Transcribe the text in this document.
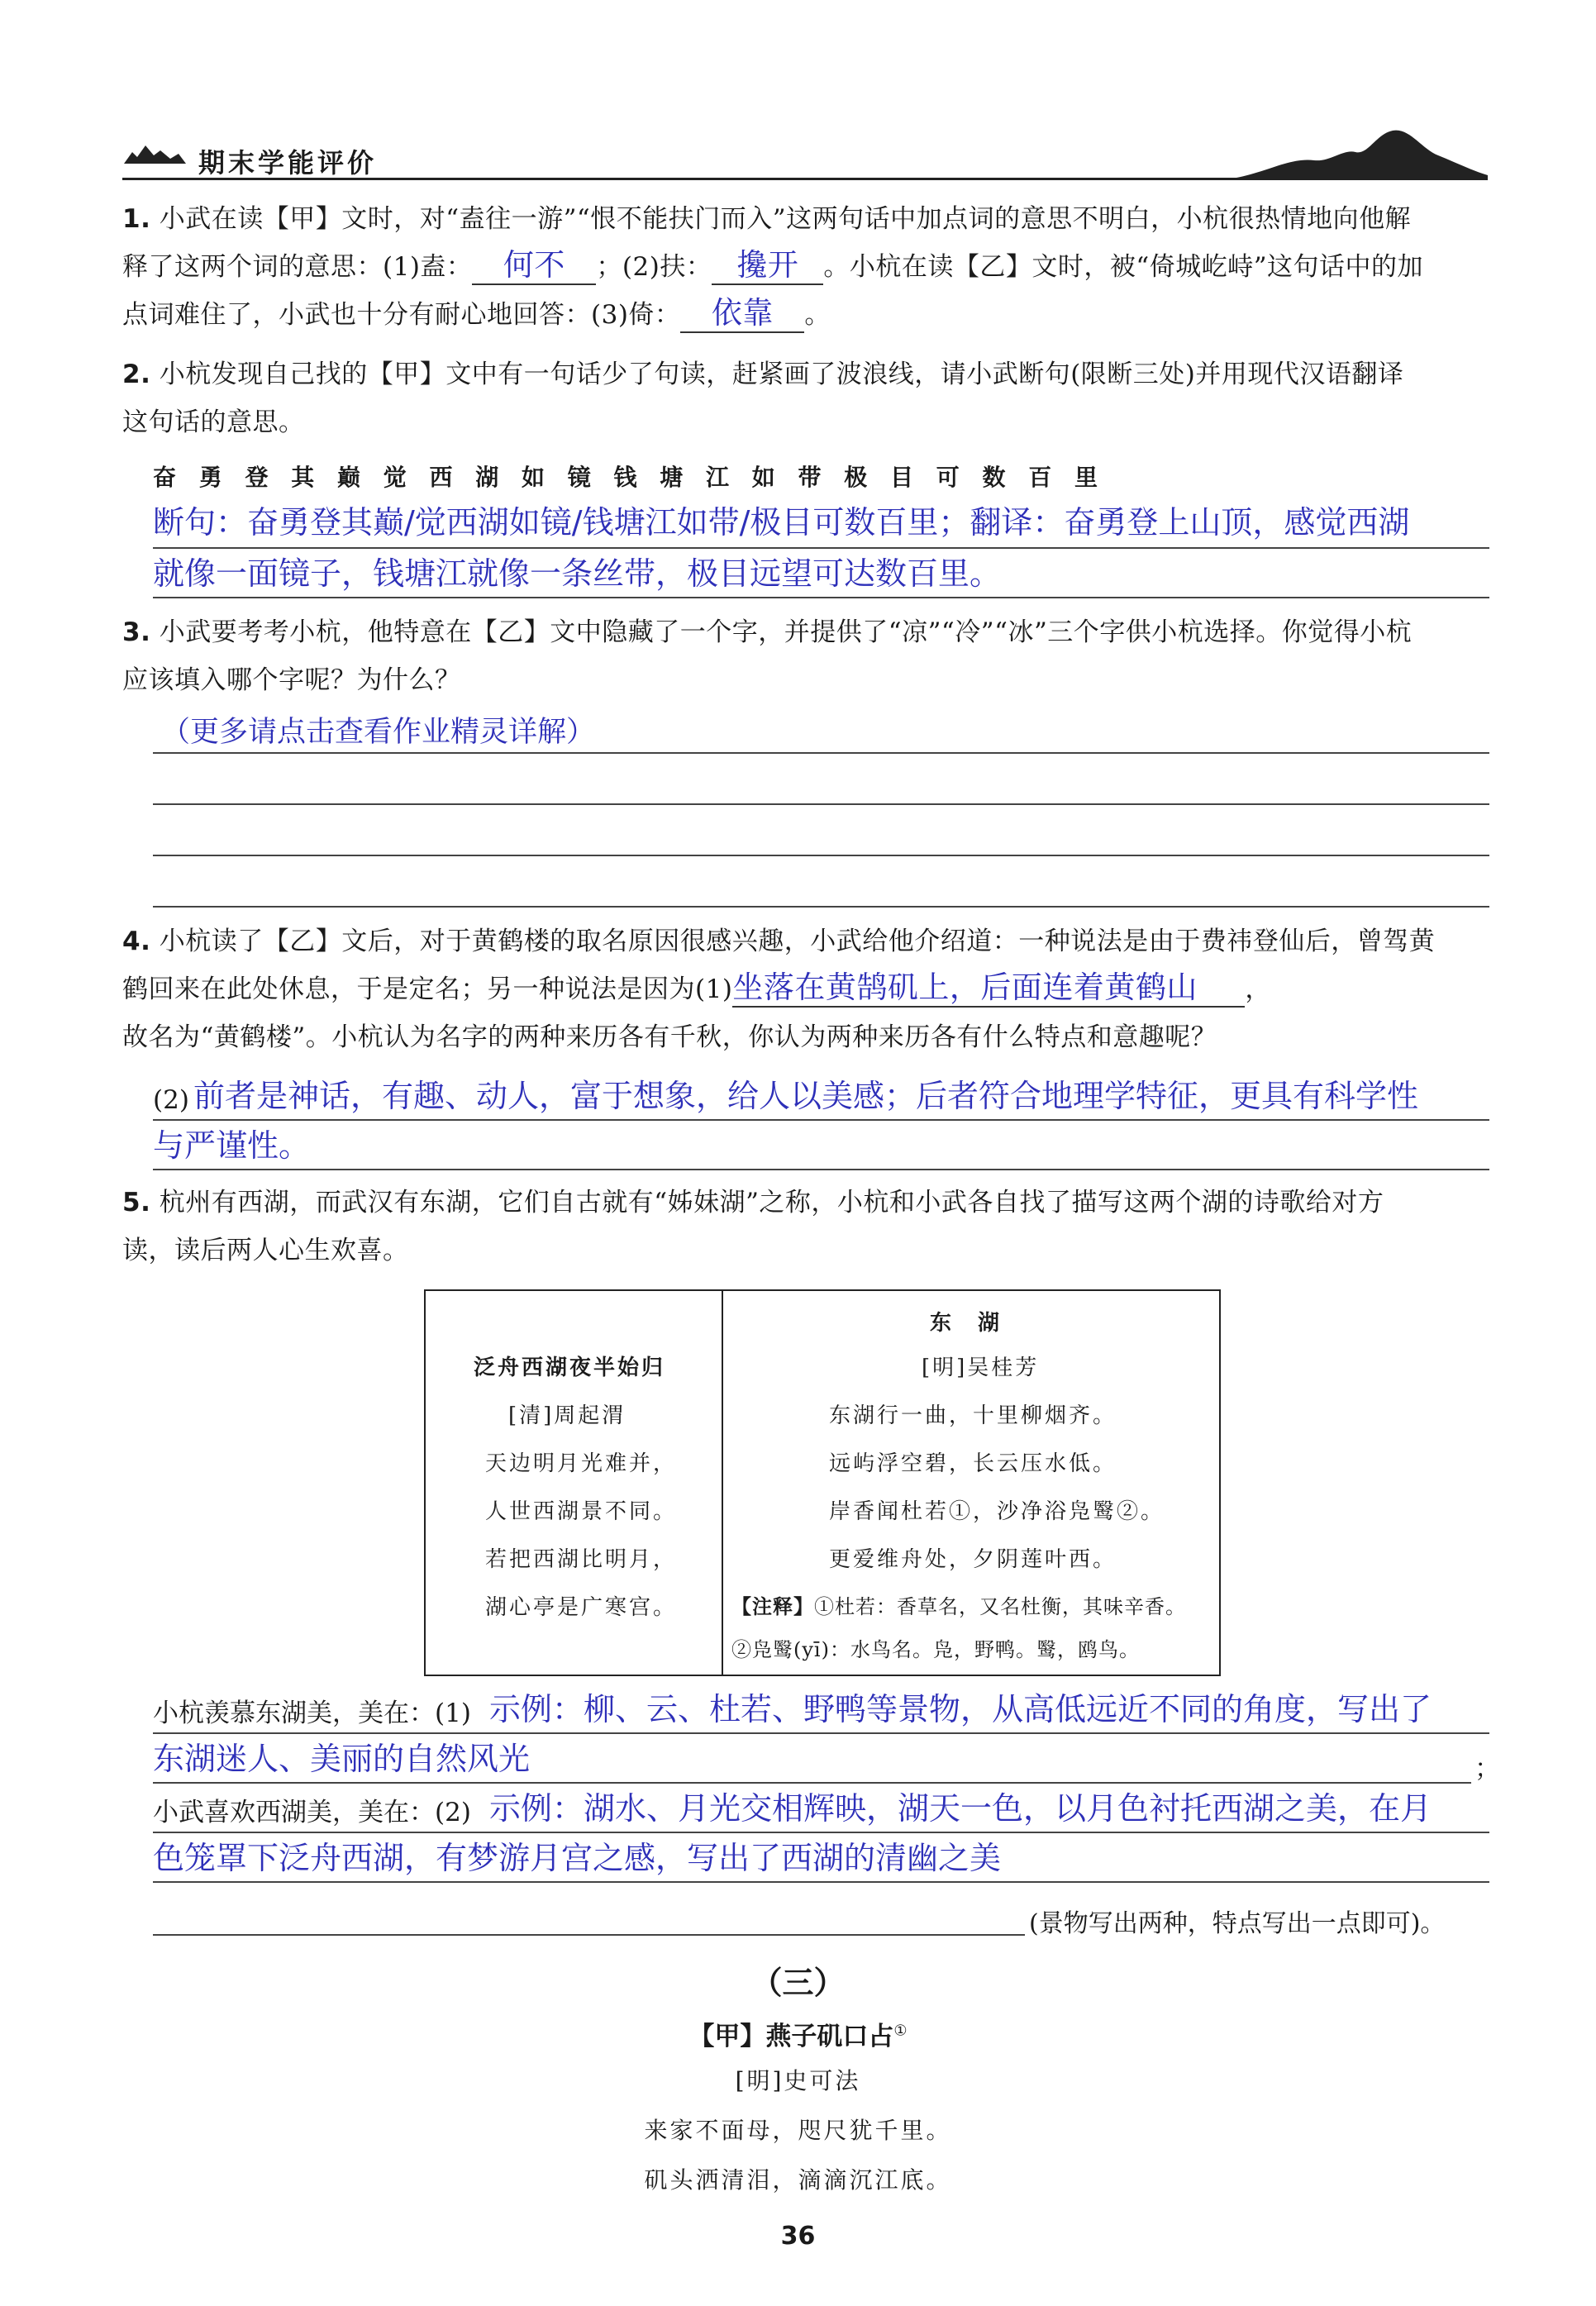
期末学能评价
1. 小武在读【甲】文时，对“盍往一游”“恨不能扶门而入”这两句话中加点词的意思不明白，小杭很热情地向他解
释了这两个词的意思：(1)盍： 何不 ；(2)扶： 攙开 。小杭在读【乙】文时，被“倚城屹峙”这句话中的加
点词难住了，小武也十分有耐心地回答：(3)倚： 依靠 。
2. 小杭发现自己找的【甲】文中有一句话少了句读，赶紧画了波浪线，请小武断句(限断三处)并用现代汉语翻译
这句话的意思。
奋 勇 登 其 巅 觉 西 湖 如 镜 钱 塘 江 如 带 极 目 可 数 百 里
断句：奋勇登其巅/觉西湖如镜/钱塘江如带/极目可数百里；翻译：奋勇登上山顶，感觉西湖
就像一面镜子，钱塘江就像一条丝带，极目远望可达数百里。
3. 小武要考考小杭，他特意在【乙】文中隐藏了一个字，并提供了“凉”“冷”“冰”三个字供小杭选择。你觉得小杭
应该填入哪个字呢？为什么？
（更多请点击查看作业精灵详解）
4. 小杭读了【乙】文后，对于黄鹤楼的取名原因很感兴趣，小武给他介绍道：一种说法是由于费祎登仙后，曾驾黄
鹤回来在此处休息，于是定名；另一种说法是因为(1)坐落在黄鹄矶上，后面连着黄鹤山 ，
故名为“黄鹤楼”。小杭认为名字的两种来历各有千秋，你认为两种来历各有什么特点和意趣呢？
(2) 前者是神话，有趣、动人，富于想象，给人以美感；后者符合地理学特征，更具有科学性
与严谨性。
5. 杭州有西湖，而武汉有东湖，它们自古就有“姊妹湖”之称，小杭和小武各自找了描写这两个湖的诗歌给对方
读，读后两人心生欢喜。
泛舟西湖夜半始归
[清]周起渭
天边明月光难并，
人世西湖景不同。
若把西湖比明月，
湖心亭是广寒宫。
东　湖
[明]吴桂芳
东湖行一曲，十里柳烟齐。
远屿浮空碧，长云压水低。
岸香闻杜若①，沙净浴凫鹥②。
更爱维舟处，夕阴莲叶西。
【注释】①杜若：香草名，又名杜衡，其味辛香。
②凫鹥(yī)：水鸟名。凫，野鸭。鹥，鸥鸟。
小杭羡慕东湖美，美在：(1) 示例：柳、云、杜若、野鸭等景物，从高低远近不同的角度，写出了
东湖迷人、美丽的自然风光	；
小武喜欢西湖美，美在：(2) 示例：湖水、月光交相辉映，湖天一色，以月色衬托西湖之美，在月
色笼罩下泛舟西湖，有梦游月宫之感，写出了西湖的清幽之美
(景物写出两种，特点写出一点即可)。
（三）
【甲】燕子矶口占①
[明]史可法
来家不面母，咫尺犹千里。
矶头洒清泪，滴滴沉江底。
36
